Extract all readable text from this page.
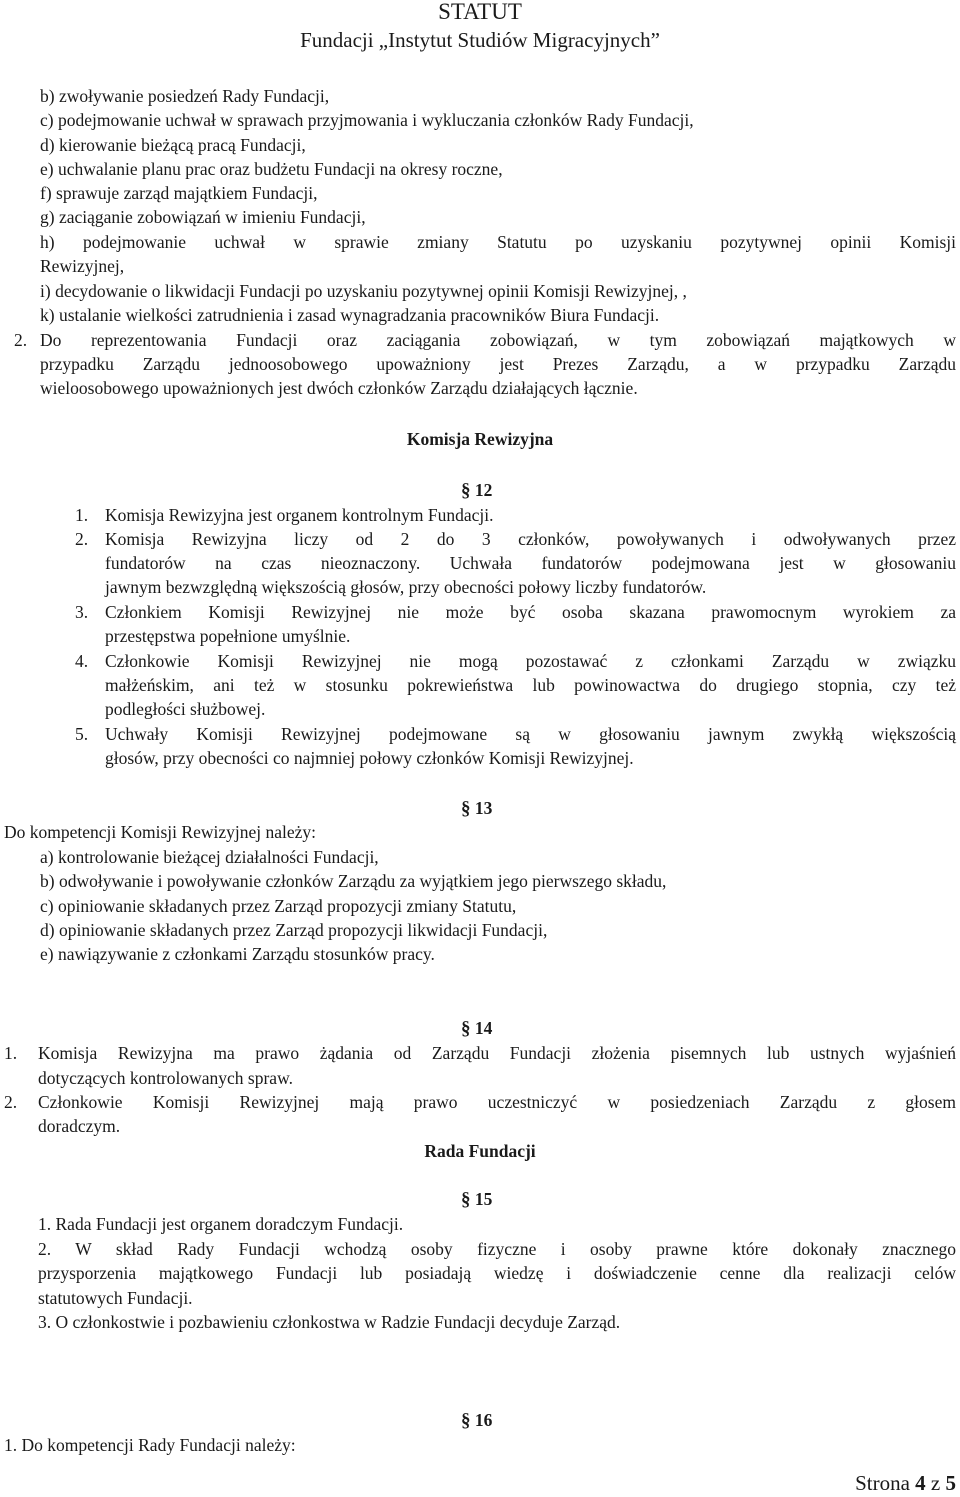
STATUT
Fundacji „Instytut Studiów Migracyjnych”
b) zwoływanie posiedzeń Rady Fundacji,
c) podejmowanie uchwał w sprawach przyjmowania i wykluczania członków Rady Fundacji,
d) kierowanie bieżącą pracą Fundacji,
e) uchwalanie planu prac oraz budżetu Fundacji na okresy roczne,
f) sprawuje zarząd majątkiem Fundacji,
g) zaciąganie zobowiązań w imieniu Fundacji,
h) podejmowanie uchwał w sprawie zmiany Statutu po uzyskaniu pozytywnej opinii Komisji
Rewizyjnej,
i) decydowanie o likwidacji Fundacji po uzyskaniu pozytywnej opinii Komisji Rewizyjnej, ,
k) ustalanie wielkości zatrudnienia i zasad wynagradzania pracowników Biura Fundacji.
2. Do reprezentowania Fundacji oraz zaciągania zobowiązań, w tym zobowiązań majątkowych w
przypadku Zarządu jednoosobowego upoważniony jest Prezes Zarządu, a w przypadku Zarządu
wieloosobowego upoważnionych jest dwóch członków Zarządu działających łącznie.
Komisja Rewizyjna
§ 12
1. Komisja Rewizyjna jest organem kontrolnym Fundacji.
2. Komisja Rewizyjna liczy od 2 do 3 członków, powoływanych i odwoływanych przez
fundatorów na czas nieoznaczony. Uchwała fundatorów podejmowana jest w głosowaniu
jawnym bezwzględną większością głosów, przy obecności połowy liczby fundatorów.
3. Członkiem Komisji Rewizyjnej nie może być osoba skazana prawomocnym wyrokiem za
przestępstwa popełnione umyślnie.
4. Członkowie Komisji Rewizyjnej nie mogą pozostawać z członkami Zarządu w związku
małżeńskim, ani też w stosunku pokrewieństwa lub powinowactwa do drugiego stopnia, czy też
podległości służbowej.
5. Uchwały Komisji Rewizyjnej podejmowane są w głosowaniu jawnym zwykłą większością
głosów, przy obecności co najmniej połowy członków Komisji Rewizyjnej.
§ 13
Do kompetencji Komisji Rewizyjnej należy:
a) kontrolowanie bieżącej działalności Fundacji,
b) odwoływanie i powoływanie członków Zarządu za wyjątkiem jego pierwszego składu,
c) opiniowanie składanych przez Zarząd propozycji zmiany Statutu,
d) opiniowanie składanych przez Zarząd propozycji likwidacji Fundacji,
e) nawiązywanie z członkami Zarządu stosunków pracy.
§ 14
1. Komisja Rewizyjna ma prawo żądania od Zarządu Fundacji złożenia pisemnych lub ustnych wyjaśnień
dotyczących kontrolowanych spraw.
2. Członkowie Komisji Rewizyjnej mają prawo uczestniczyć w posiedzeniach Zarządu z głosem
doradczym.
Rada Fundacji
§ 15
1. Rada Fundacji jest organem doradczym Fundacji.
2. W skład Rady Fundacji wchodzą osoby fizyczne i osoby prawne które dokonały znacznego
przysporzenia majątkowego Fundacji lub posiadają wiedzę i doświadczenie cenne dla realizacji celów
statutowych Fundacji.
3. O członkostwie i pozbawieniu członkostwa w Radzie Fundacji decyduje Zarząd.
§ 16
1. Do kompetencji Rady Fundacji należy:
Strona 4 z 5
